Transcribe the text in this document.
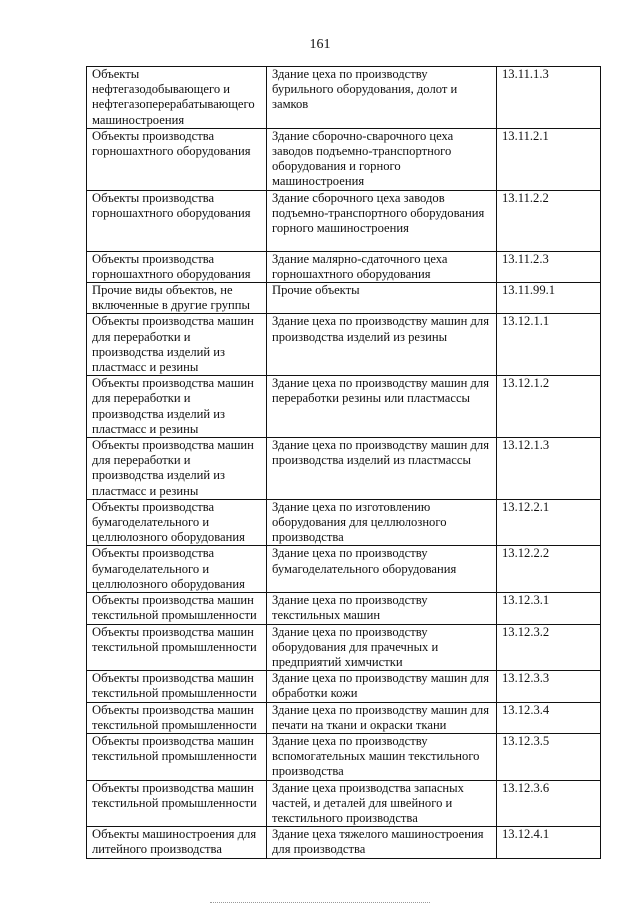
161
Объекты нефтегазодобывающего и нефтегазоперерабатывающего машиностроения	Здание цеха по производству бурильного оборудования, долот и замков	13.11.1.3
Объекты производства горношахтного оборудования	Здание сборочно-сварочного цеха заводов подъемно-транспортного оборудования и горного машиностроения	13.11.2.1
Объекты производства горношахтного оборудования	Здание сборочного цеха заводов подъемно-транспортного оборудования горного машиностроения	13.11.2.2
Объекты производства горношахтного оборудования	Здание малярно-сдаточного цеха горношахтного оборудования	13.11.2.3
Прочие виды объектов, не включенные в другие группы	Прочие объекты	13.11.99.1
Объекты производства машин для переработки и производства изделий из пластмасс и резины	Здание цеха по производству машин для производства изделий из резины	13.12.1.1
Объекты производства машин для переработки и производства изделий из пластмасс и резины	Здание цеха по производству машин для переработки резины или пластмассы	13.12.1.2
Объекты производства машин для переработки и производства изделий из пластмасс и резины	Здание цеха по производству машин для производства изделий из пластмассы	13.12.1.3
Объекты производства бумагоделательного и целлюлозного оборудования	Здание цеха по изготовлению оборудования для целлюлозного производства	13.12.2.1
Объекты производства бумагоделательного и целлюлозного оборудования	Здание цеха по производству бумагоделательного оборудования	13.12.2.2
Объекты производства машин текстильной промышленности	Здание цеха по производству текстильных машин	13.12.3.1
Объекты производства машин текстильной промышленности	Здание цеха по производству оборудования для прачечных и предприятий химчистки	13.12.3.2
Объекты производства машин текстильной промышленности	Здание цеха по производству машин для обработки кожи	13.12.3.3
Объекты производства машин текстильной промышленности	Здание цеха по производству машин для печати на ткани и окраски ткани	13.12.3.4
Объекты производства машин текстильной промышленности	Здание цеха по производству вспомогательных машин текстильного производства	13.12.3.5
Объекты производства машин текстильной промышленности	Здание цеха производства запасных частей, и деталей для швейного и текстильного производства	13.12.3.6
Объекты машиностроения для литейного производства	Здание цеха тяжелого машиностроения для производства	13.12.4.1
